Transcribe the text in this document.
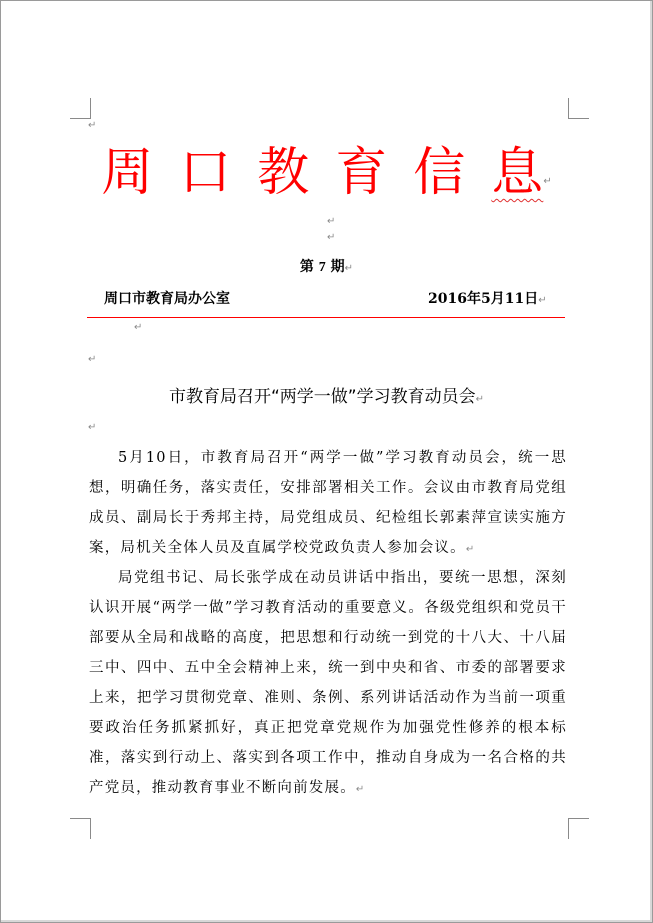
↵
周口教育信息↵
↵
↵
第 7 期↵
周口市教育局办公室	2016年5月11日↵
↵
↵
市教育局召开“两学一做”学习教育动员会↵
↵
5月10日，市教育局召开“两学一做”学习教育动员会，统一思想，明确任务，落实责任，安排部署相关工作。会议由市教育局党组成员、副局长于秀邦主持，局党组成员、纪检组长郭素萍宣读实施方案，局机关全体人员及直属学校党政负责人参加会议。↵
局党组书记、局长张学成在动员讲话中指出，要统一思想，深刻认识开展“两学一做”学习教育活动的重要意义。各级党组织和党员干部要从全局和战略的高度，把思想和行动统一到党的十八大、十八届三中、四中、五中全会精神上来，统一到中央和省、市委的部署要求上来，把学习贯彻党章、准则、条例、系列讲话活动作为当前一项重要政治任务抓紧抓好，真正把党章党规作为加强党性修养的根本标准，落实到行动上、落实到各项工作中，推动自身成为一名合格的共产党员，推动教育事业不断向前发展。↵
